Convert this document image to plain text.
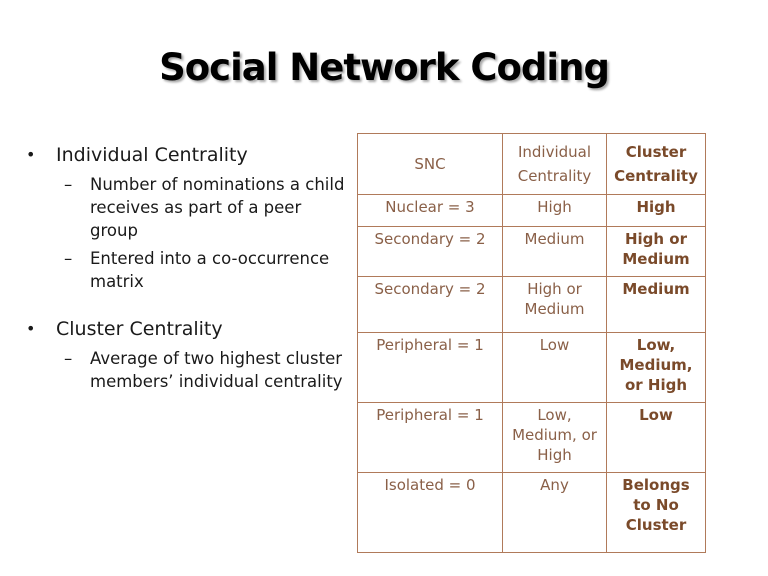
Social Network Coding
• Individual Centrality
– Number of nominations a child receives as part of a peer group
– Entered into a co-occurrence matrix
• Cluster Centrality
– Average of two highest cluster members’ individual centrality
SNC	Individual Centrality	Cluster Centrality
Nuclear = 3	High	High
Secondary = 2	Medium	High or Medium
Secondary = 2	High or Medium	Medium
Peripheral = 1	Low	Low, Medium, or High
Peripheral = 1	Low, Medium, or High	Low
Isolated = 0	Any	Belongs to No Cluster
